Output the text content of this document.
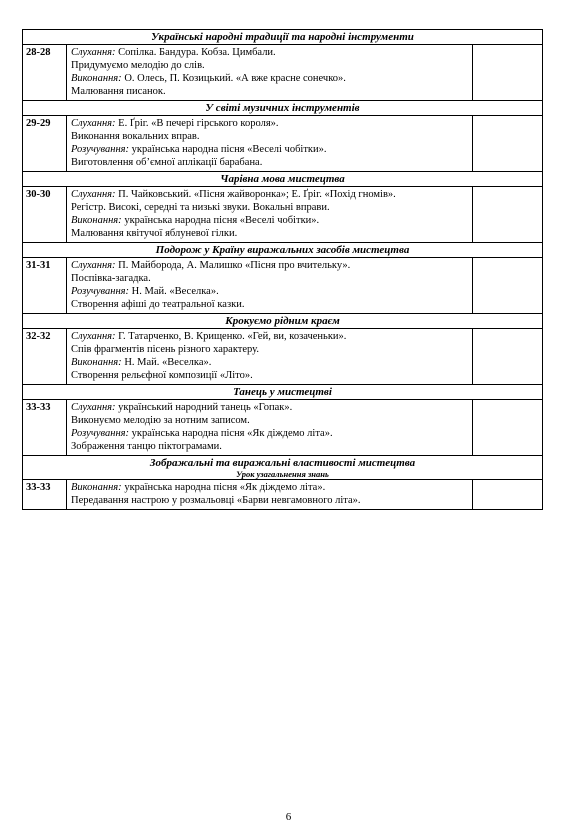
Українські народні традиції та народні інструменти		
28-28	Слухання: Сопілка. Бандура. Кобза. Цимбали.
Придумуємо мелодію до слів.
Виконання: О. Олесь, П. Козицький. «А вже красне сонечко».
Малювання писанок.	

У світі музичних інструментів		
29-29	Слухання: Е. Ґріг. «В печері гірського короля».
Виконання вокальних вправ.
Розучування: українська народна пісня «Веселі чобітки».
Виготовлення об’ємної аплікації барабана.	

Чарівна мова мистецтва		
30-30	Слухання: П. Чайковський. «Пісня жайворонка»; Е. Ґріг. «Похід гномів».
Регістр. Високі, середні та низькі звуки. Вокальні вправи.
Виконання: українська народна пісня «Веселі чобітки».
Малювання квітучої яблуневої гілки.	

Подорож у Країну виражальних засобів мистецтва		
31-31	Слухання: П. Майборода, А. Малишко «Пісня про вчительку».
Поспівка-загадка.
Розучування: Н. Май. «Веселка».
Створення афіші до театральної казки.	

Крокуємо рідним краєм		
32-32	Слухання: Г. Татарченко, В. Крищенко. «Гей, ви, козаченьки».
Спів фрагментів пісень різного характеру.
Виконання: Н. Май. «Веселка».
Створення рельєфної композиції «Літо».	

Танець у мистецтві		
33-33	Слухання: український народний танець «Гопак».
Виконуємо мелодію за нотним записом.
Розучування: українська народна пісня «Як діждемо літа».
Зображення танцю піктограмами.	

Зображальні та виражальні властивості мистецтва
Урок узагальнення знань		

33-33	Виконання: українська народна пісня «Як діждемо літа».
Передавання настрою у розмальовці «Барви невгамовного літа».	

6
